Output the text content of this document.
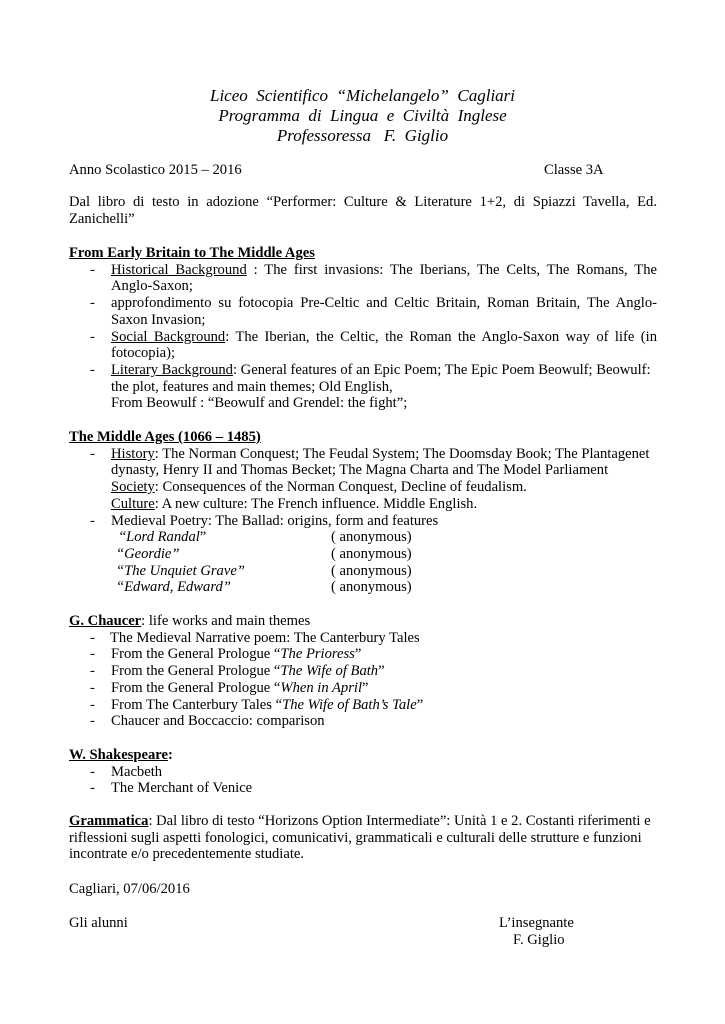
Liceo  Scientifico  “Michelangelo”  Cagliari
Programma  di  Lingua  e  Civiltà  Inglese
Professoressa   F.  Giglio
Anno Scolastico 2015 – 2016	Classe 3A
Dal libro di testo in adozione “Performer: Culture & Literature 1+2, di Spiazzi Tavella, Ed. Zanichelli”
From Early Britain to The Middle Ages
- Historical Background : The first invasions: The Iberians, The Celts, The Romans, The Anglo-Saxon;
- approfondimento su fotocopia Pre-Celtic and Celtic Britain, Roman Britain, The Anglo-Saxon Invasion;
- Social Background: The Iberian, the Celtic, the Roman the Anglo-Saxon way of life (in fotocopia);
- Literary Background: General features of an Epic Poem; The Epic Poem Beowulf; Beowulf: the plot, features and main themes; Old English,
From Beowulf : “Beowulf and Grendel: the fight”;
The Middle Ages (1066 – 1485)
- History: The Norman Conquest; The Feudal System; The Doomsday Book; The Plantagenet dynasty, Henry II and Thomas Becket; The Magna Charta and The Model Parliament
Society: Consequences of the Norman Conquest, Decline of feudalism.
Culture: A new culture: The French influence. Middle English.
- Medieval Poetry: The Ballad: origins, form and features
“Lord Randal”	( anonymous)
“Geordie”	( anonymous)
“The Unquiet Grave”	( anonymous)
“Edward, Edward”	( anonymous)
G. Chaucer: life works and main themes
- The Medieval Narrative poem: The Canterbury Tales
- From the General Prologue “The Prioress”
- From the General Prologue “The Wife of Bath”
- From the General Prologue “When in April”
- From The Canterbury Tales “The Wife of Bath’s Tale”
- Chaucer and Boccaccio: comparison
W. Shakespeare:
- Macbeth
- The Merchant of Venice
Grammatica: Dal libro di testo “Horizons Option Intermediate”: Unità 1 e 2. Costanti riferimenti e riflessioni sugli aspetti fonologici, comunicativi, grammaticali e culturali delle strutture e funzioni incontrate e/o precedentemente studiate.
Cagliari, 07/06/2016
Gli alunni	L’insegnante
F. Giglio
